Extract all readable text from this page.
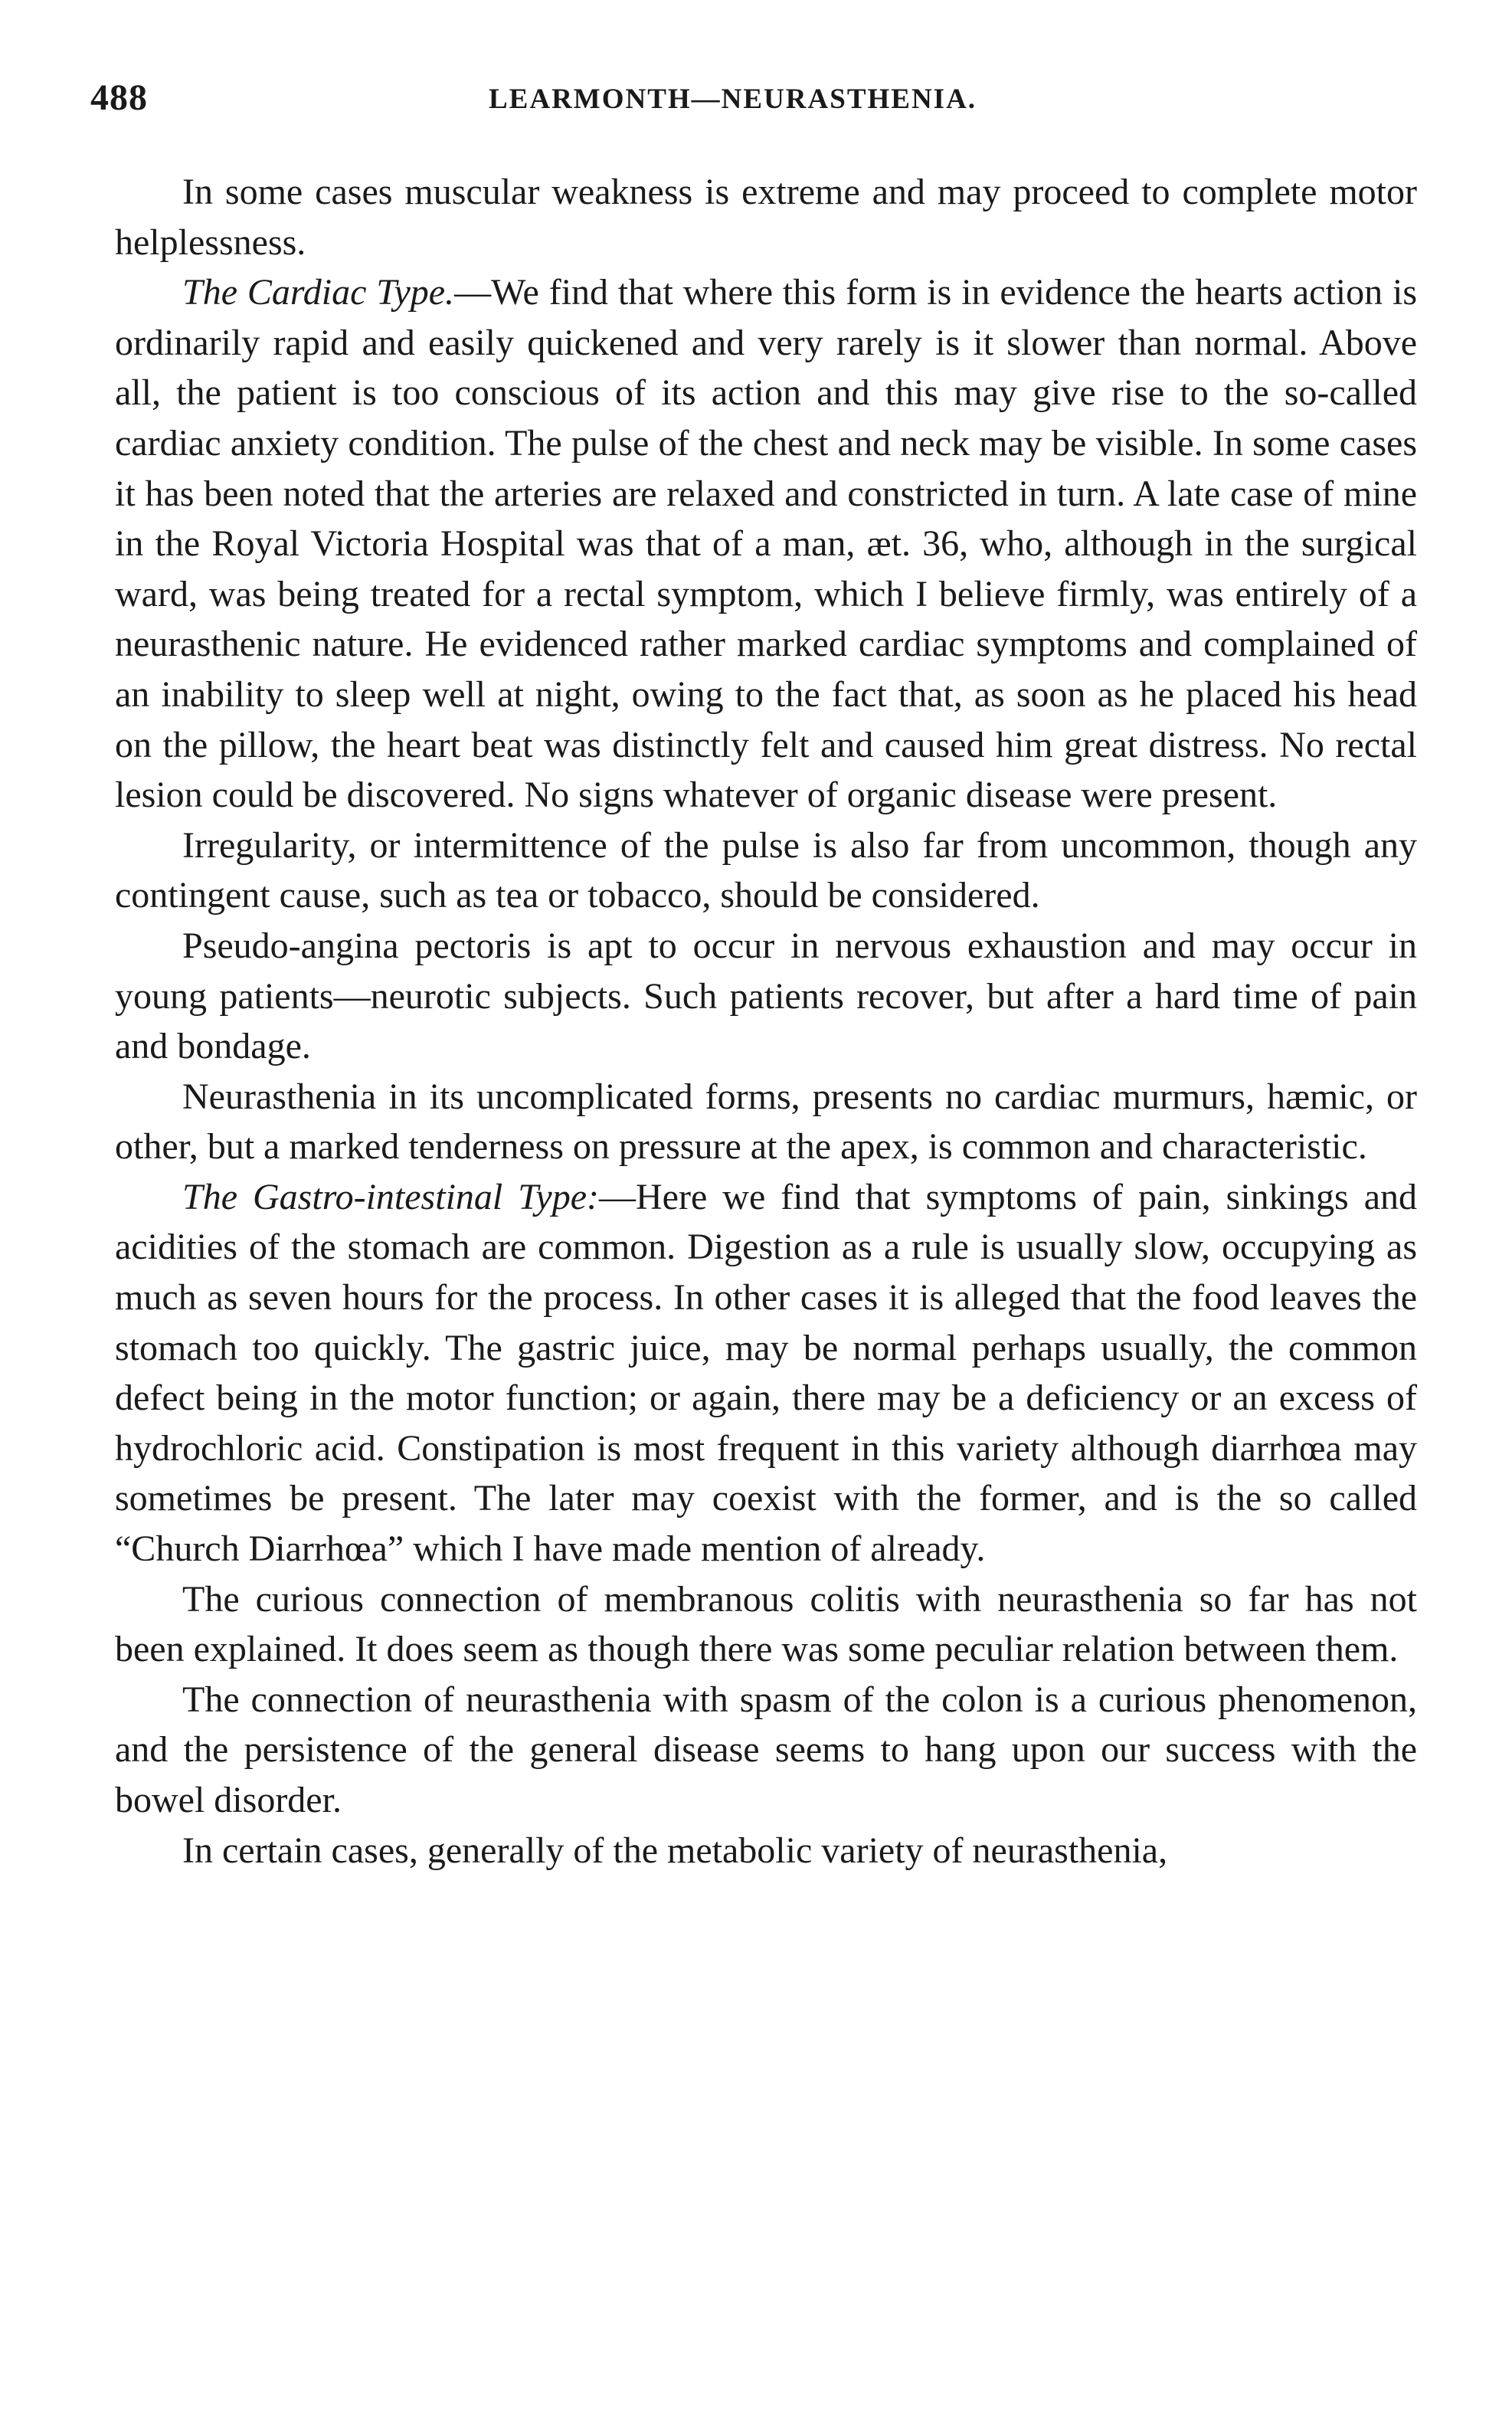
488	LEARMONTH—NEURASTHENIA.

In some cases muscular weakness is extreme and may proceed to complete motor helplessness.

The Cardiac Type.—We find that where this form is in evidence the hearts action is ordinarily rapid and easily quickened and very rarely is it slower than normal. Above all, the patient is too conscious of its action and this may give rise to the so-called cardiac anxiety condition. The pulse of the chest and neck may be visible. In some cases it has been noted that the arteries are relaxed and constricted in turn. A late case of mine in the Royal Victoria Hospital was that of a man, æt. 36, who, although in the surgical ward, was being treated for a rectal symptom, which I believe firmly, was entirely of a neurasthenic nature. He evidenced rather marked cardiac symptoms and complained of an inability to sleep well at night, owing to the fact that, as soon as he placed his head on the pillow, the heart beat was distinctly felt and caused him great distress. No rectal lesion could be discovered. No signs whatever of organic disease were present.

Irregularity, or intermittence of the pulse is also far from uncommon, though any contingent cause, such as tea or tobacco, should be considered.

Pseudo-angina pectoris is apt to occur in nervous exhaustion and may occur in young patients—neurotic subjects. Such patients recover, but after a hard time of pain and bondage.

Neurasthenia in its uncomplicated forms, presents no cardiac murmurs, hæmic, or other, but a marked tenderness on pressure at the apex, is common and characteristic.

The Gastro-intestinal Type:—Here we find that symptoms of pain, sinkings and acidities of the stomach are common. Digestion as a rule is usually slow, occupying as much as seven hours for the process. In other cases it is alleged that the food leaves the stomach too quickly. The gastric juice, may be normal perhaps usually, the common defect being in the motor function; or again, there may be a deficiency or an excess of hydrochloric acid. Constipation is most frequent in this variety although diarrhœa may sometimes be present. The later may coexist with the former, and is the so called “Church Diarrhœa” which I have made mention of already.

The curious connection of membranous colitis with neurasthenia so far has not been explained. It does seem as though there was some peculiar relation between them.

The connection of neurasthenia with spasm of the colon is a curious phenomenon, and the persistence of the general disease seems to hang upon our success with the bowel disorder.

In certain cases, generally of the metabolic variety of neurasthenia,
